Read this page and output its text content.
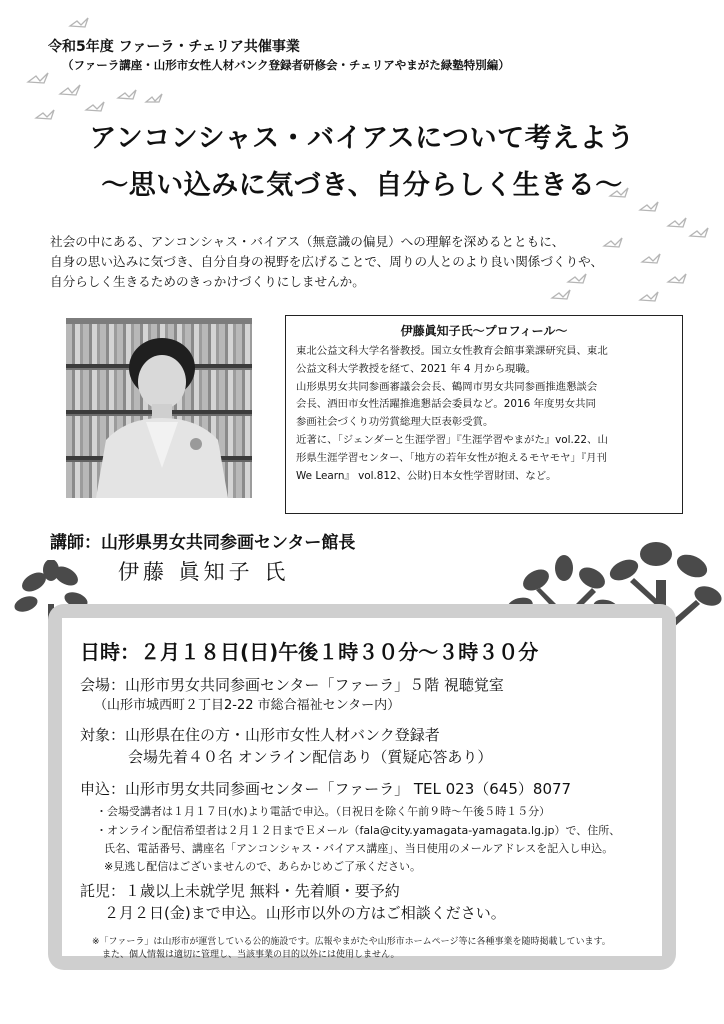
令和5年度 ファーラ・チェリア共催事業
（ファーラ講座・山形市女性人材バンク登録者研修会・チェリアやまがた緑塾特別編）
アンコンシャス・バイアスについて考えよう
〜思い込みに気づき、自分らしく生きる〜
社会の中にある、アンコンシャス・バイアス（無意識の偏見）への理解を深めるとともに、
自身の思い込みに気づき、自分自身の視野を広げることで、周りの人とのより良い関係づくりや、
自分らしく生きるためのきっかけづくりにしませんか。
伊藤眞知子氏〜プロフィール〜
東北公益文科大学名誉教授。国立女性教育会館事業課研究員、東北
公益文科大学教授を経て、2021 年 4 月から現職。
山形県男女共同参画審議会会長、鶴岡市男女共同参画推進懇談会
会長、酒田市女性活躍推進懇話会委員など。2016 年度男女共同
参画社会づくり功労賞総理大臣表彰受賞。
近著に、「ジェンダーと生涯学習」『生涯学習やまがた』vol.22、山
形県生涯学習センター、「地方の若年女性が抱えるモヤモヤ」『月刊
We Learn』 vol.812、公財)日本女性学習財団、など。
講師：山形県男女共同参画センター館長
伊藤 眞知子 氏
日時：２月１８日(日)午後１時３０分〜３時３０分
会場：山形市男女共同参画センター「ファーラ」５階 視聴覚室
（山形市城西町２丁目2-22 市総合福祉センター内）
対象：山形県在住の方・山形市女性人材バンク登録者
会場先着４０名 オンライン配信あり（質疑応答あり）
申込：山形市男女共同参画センター「ファーラ」 TEL 023（645）8077
・会場受講者は１月１７日(水)より電話で申込。（日祝日を除く午前９時〜午後５時１５分）
・オンライン配信希望者は２月１２日までＥメール（fala@city.yamagata-yamagata.lg.jp）で、住所、
氏名、電話番号、講座名「アンコンシャス・バイアス講座」、当日使用のメールアドレスを記入し申込。
※見逃し配信はございませんので、あらかじめご了承ください。
託児：１歳以上未就学児 無料・先着順・要予約
２月２日(金)まで申込。山形市以外の方はご相談ください。
※「ファーラ」は山形市が運営している公的施設です。広報やまがたや山形市ホームページ等に各種事業を随時掲載しています。
また、個人情報は適切に管理し、当該事業の目的以外には使用しません。
